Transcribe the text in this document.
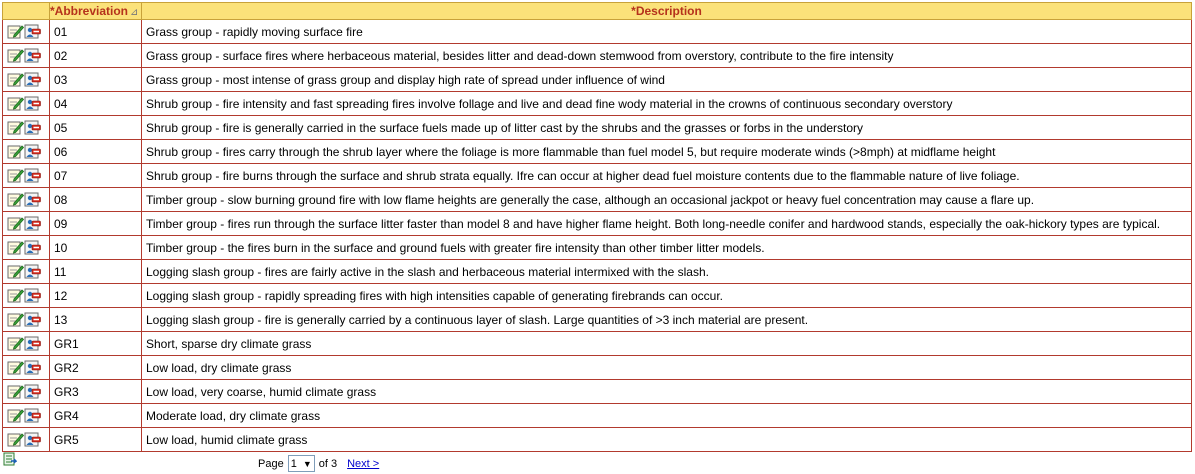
	*Abbreviation ⊿	*Description
	01	Grass group - rapidly moving surface fire
	02	Grass group - surface fires where herbaceous material, besides litter and dead-down stemwood from overstory, contribute to the fire intensity
	03	Grass group - most intense of grass group and display high rate of spread under influence of wind
	04	Shrub group - fire intensity and fast spreading fires involve follage and live and dead fine wody material in the crowns of continuous secondary overstory
	05	Shrub group - fire is generally carried in the surface fuels made up of litter cast by the shrubs and the grasses or forbs in the understory
	06	Shrub group - fires carry through the shrub layer where the foliage is more flammable than fuel model 5, but require moderate winds (>8mph) at midflame height
	07	Shrub group - fire burns through the surface and shrub strata equally. Ifre can occur at higher dead fuel moisture contents due to the flammable nature of live foliage.
	08	Timber group - slow burning ground fire with low flame heights are generally the case, although an occasional jackpot or heavy fuel concentration may cause a flare up.
	09	Timber group - fires run through the surface litter faster than model 8 and have higher flame height. Both long-needle conifer and hardwood stands, especially the oak-hickory types are typical.
	10	Timber group - the fires burn in the surface and ground fuels with greater fire intensity than other timber litter models.
	11	Logging slash group - fires are fairly active in the slash and herbaceous material intermixed with the slash.
	12	Logging slash group - rapidly spreading fires with high intensities capable of generating firebrands can occur.
	13	Logging slash group - fire is generally carried by a continuous layer of slash. Large quantities of >3 inch material are present.
	GR1	Short, sparse dry climate grass
	GR2	Low load, dry climate grass
	GR3	Low load, very coarse, humid climate grass
	GR4	Moderate load, dry climate grass
	GR5	Low load, humid climate grass
Page 1 ▼ of 3 Next >
